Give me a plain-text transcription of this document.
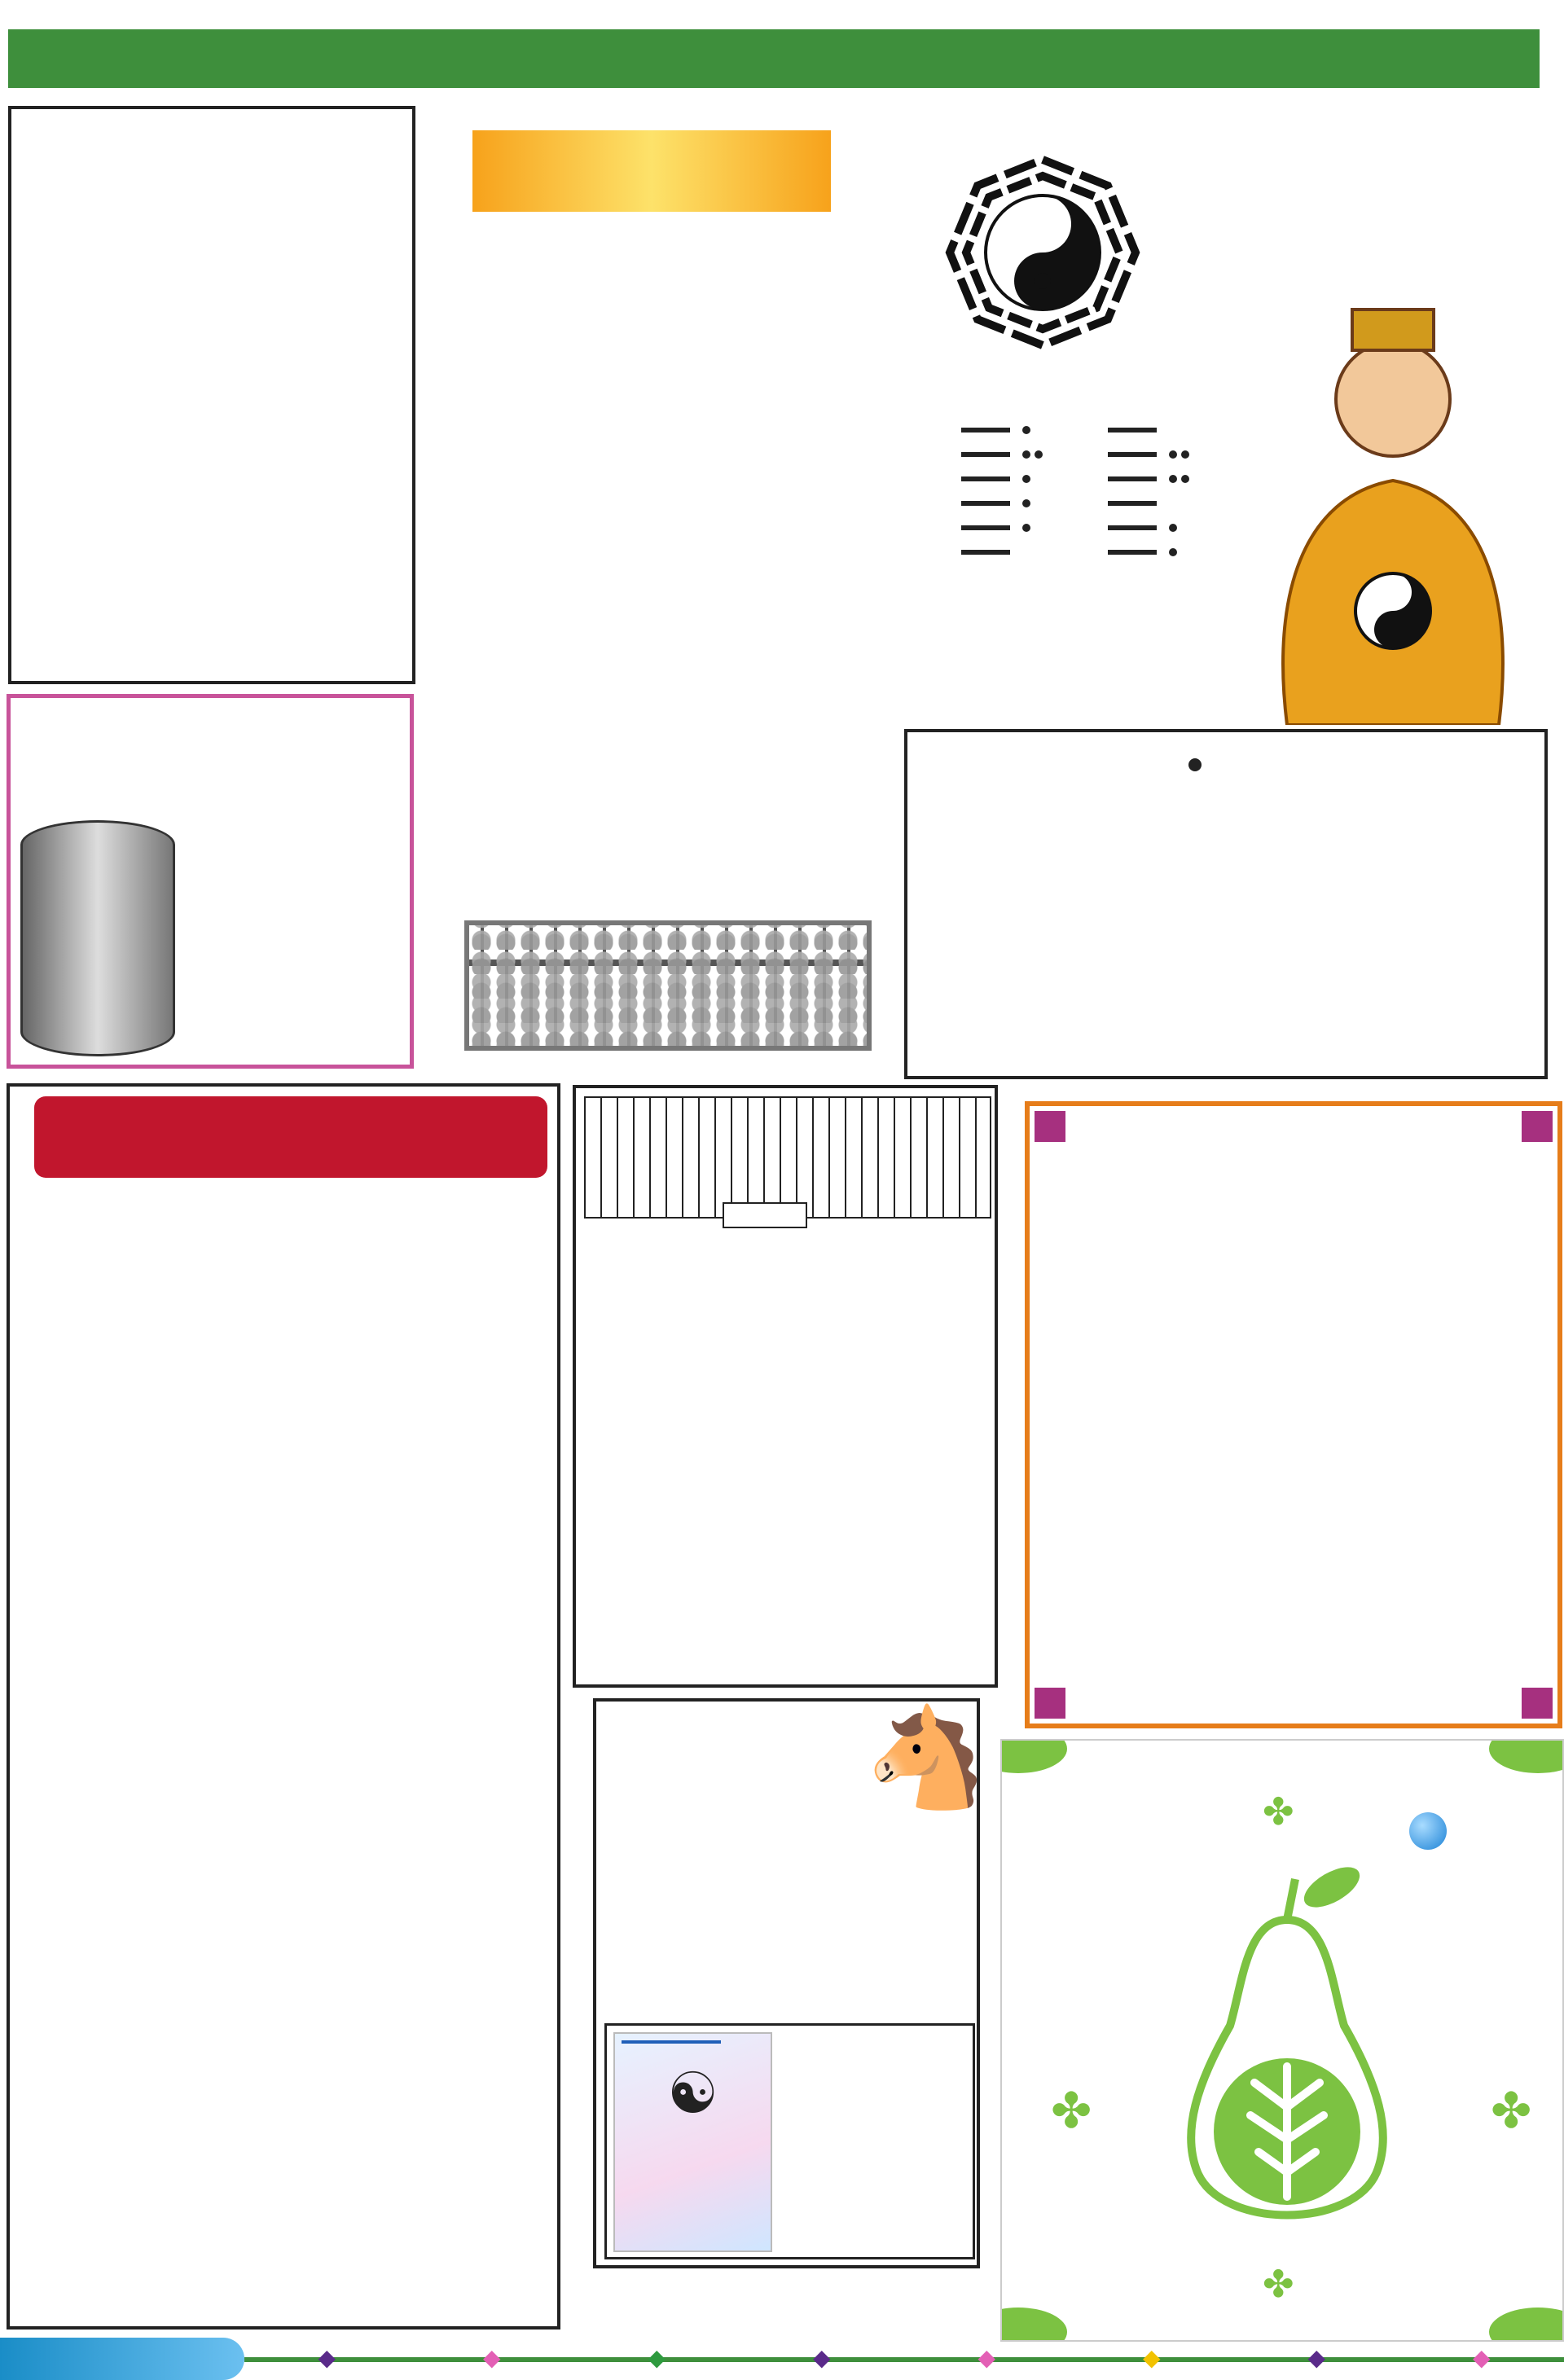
🐴
☯
✤
✤	✤
✤
◆	◆	◆	◆	◆	◆	◆	◆
